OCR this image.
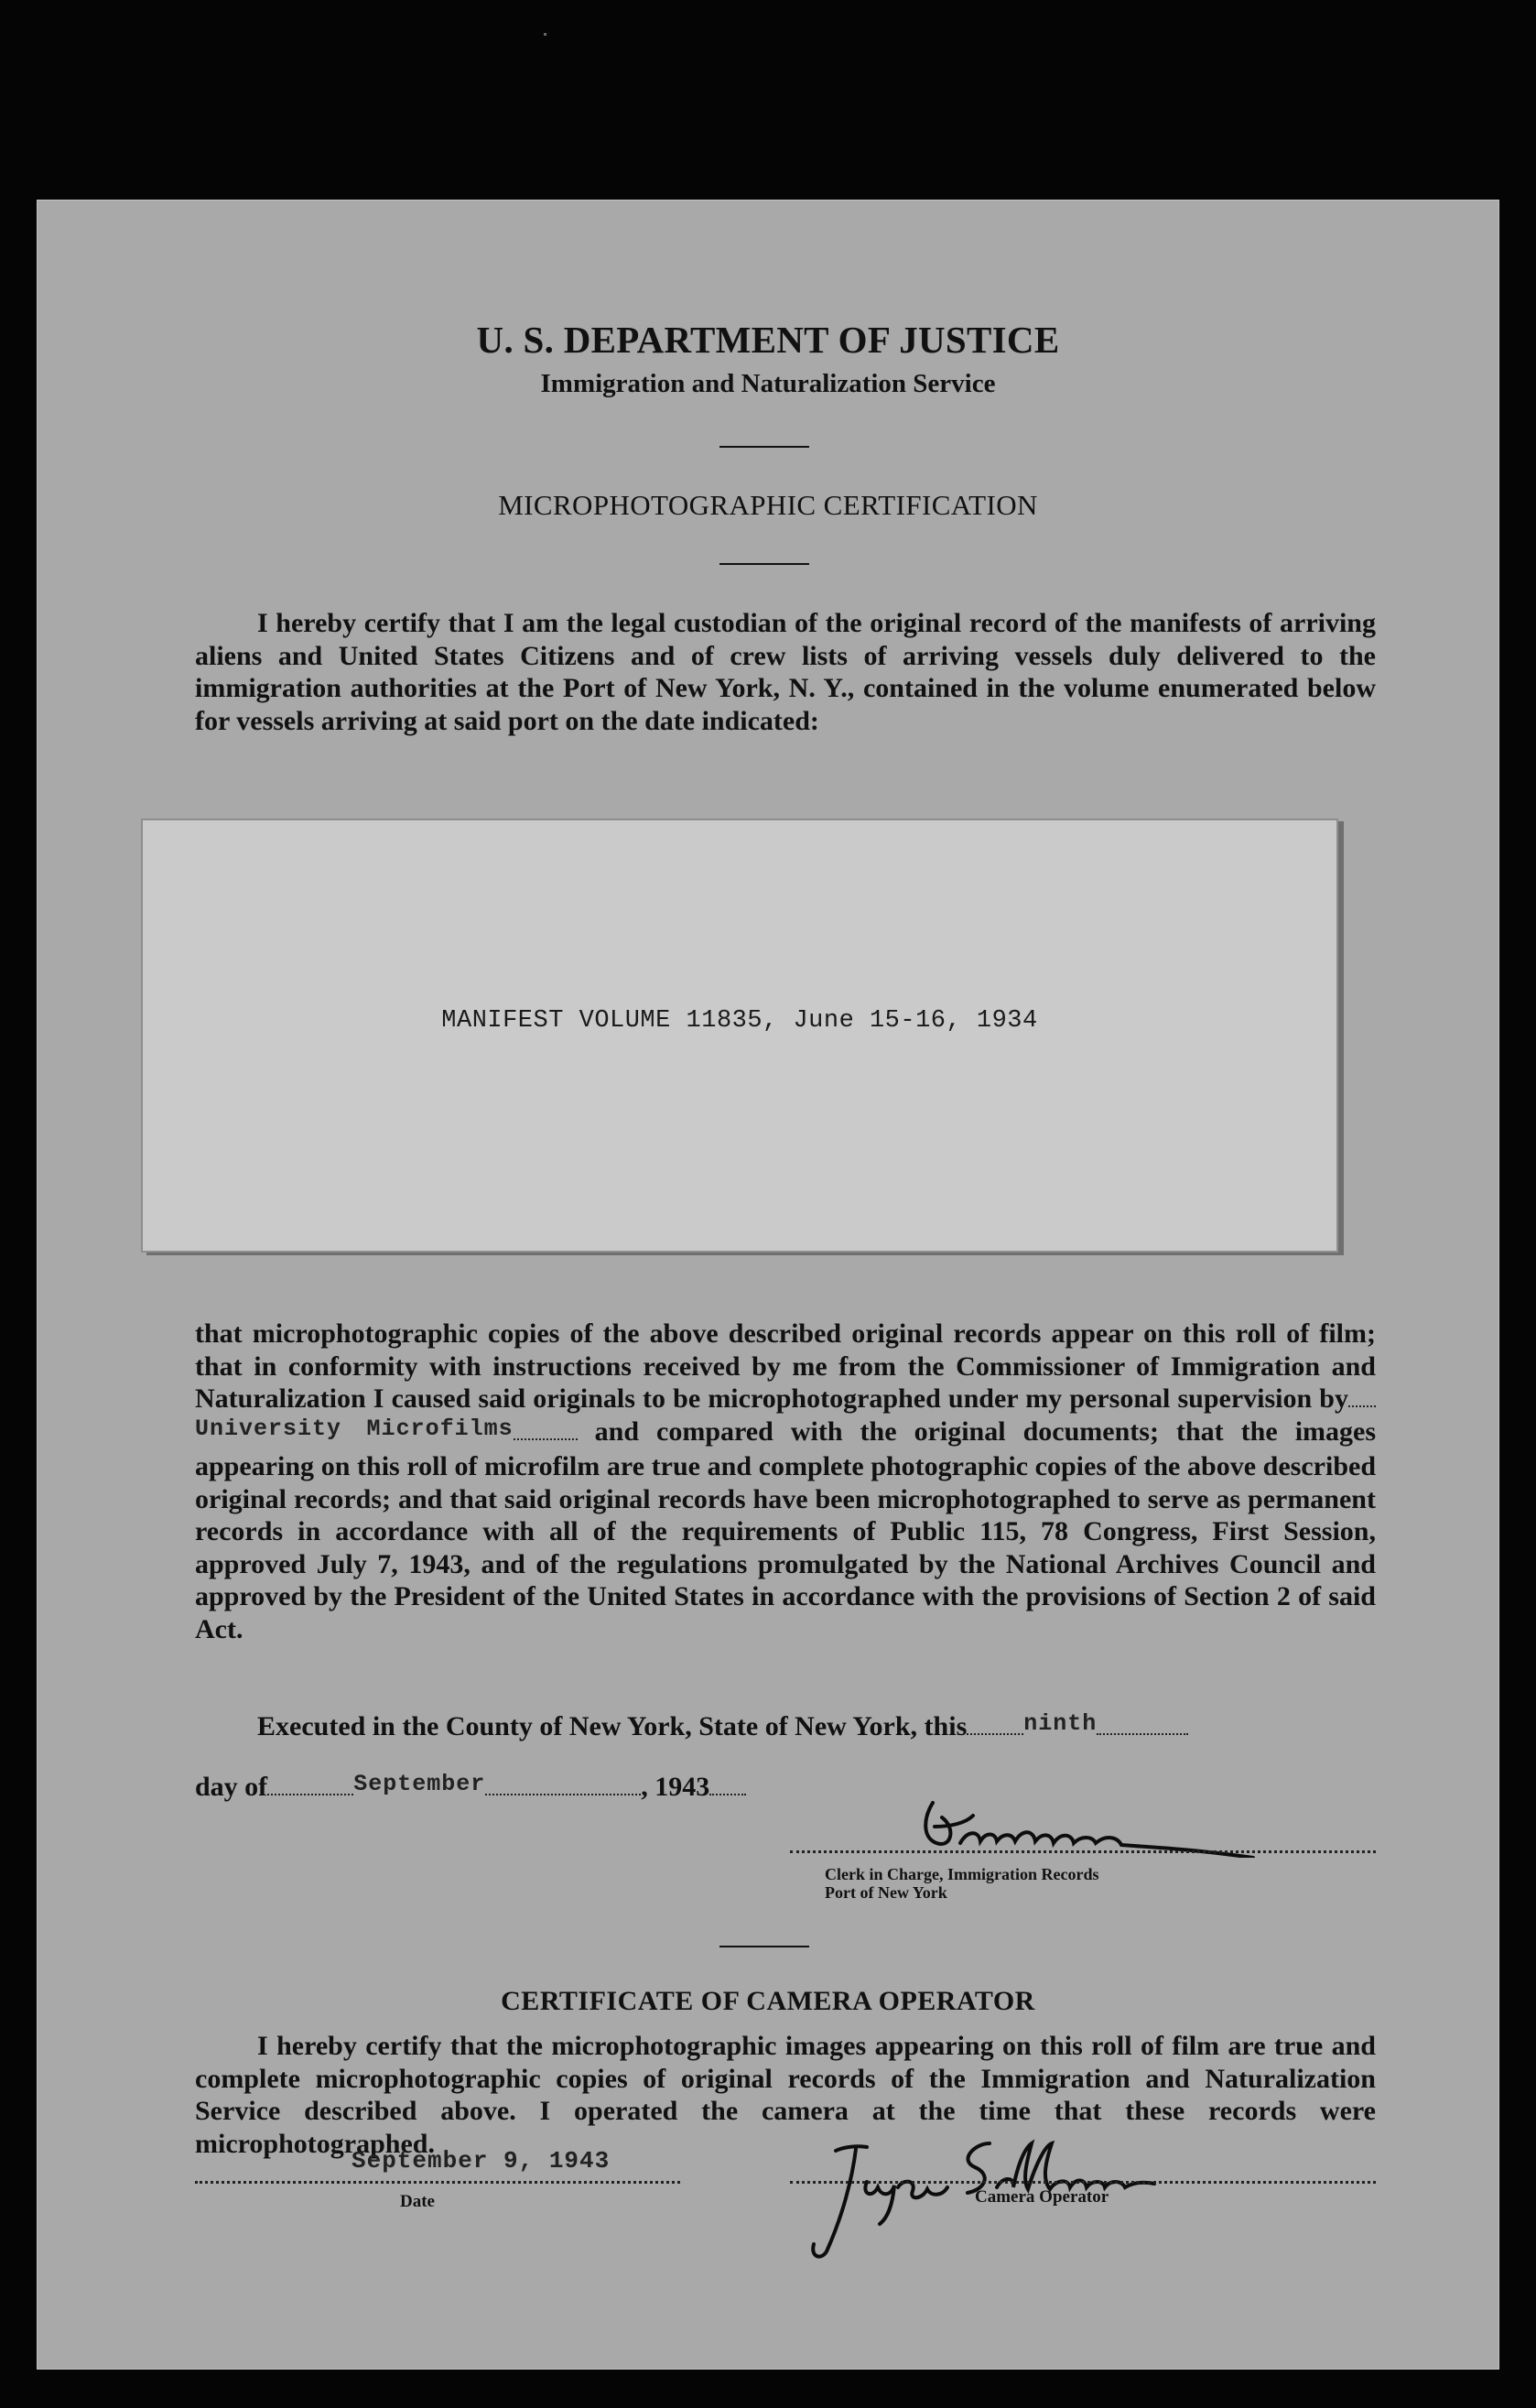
U. S. DEPARTMENT OF JUSTICE
Immigration and Naturalization Service
MICROPHOTOGRAPHIC CERTIFICATION
I hereby certify that I am the legal custodian of the original record of the manifests of arriving aliens and United States Citizens and of crew lists of arriving vessels duly delivered to the immigration authorities at the Port of New York, N. Y., contained in the volume enumerated below for vessels arriving at said port on the date indicated:
MANIFEST VOLUME 11835, June 15-16, 1934
that microphotographic copies of the above described original records appear on this roll of film; that in conformity with instructions received by me from the Commissioner of Immigration and Naturalization I caused said originals to be microphotographed under my personal supervision $by^{University Microfilms}$	and compared with the original documents; that the images appearing on this roll of microfilm are true and complete photographic copies of the above described original records; and that said original records have been microphotographed to serve as permanent records in accordance with all of the requirements of Public 115, 78 Congress, First Session, approved July 7, 1943, and of the regulations promulgated by the National Archives Council and approved by the President of the United States in accordance with the provisions of Section 2 of said Act.
Executed in the County of New York, State of New York, this $^{ninth}$
day of	$^{September}$	, 1943
Clerk in Charge, Immigration Records
Port of New York
CERTIFICATE OF CAMERA OPERATOR
I hereby certify that the microphotographic images appearing on this roll of film are true and complete microphotographic copies of original records of the Immigration and Naturalization Service described above. I operated the camera at the time that these records were microphotographed.
September 9, 1943
Date	Camera Operator
